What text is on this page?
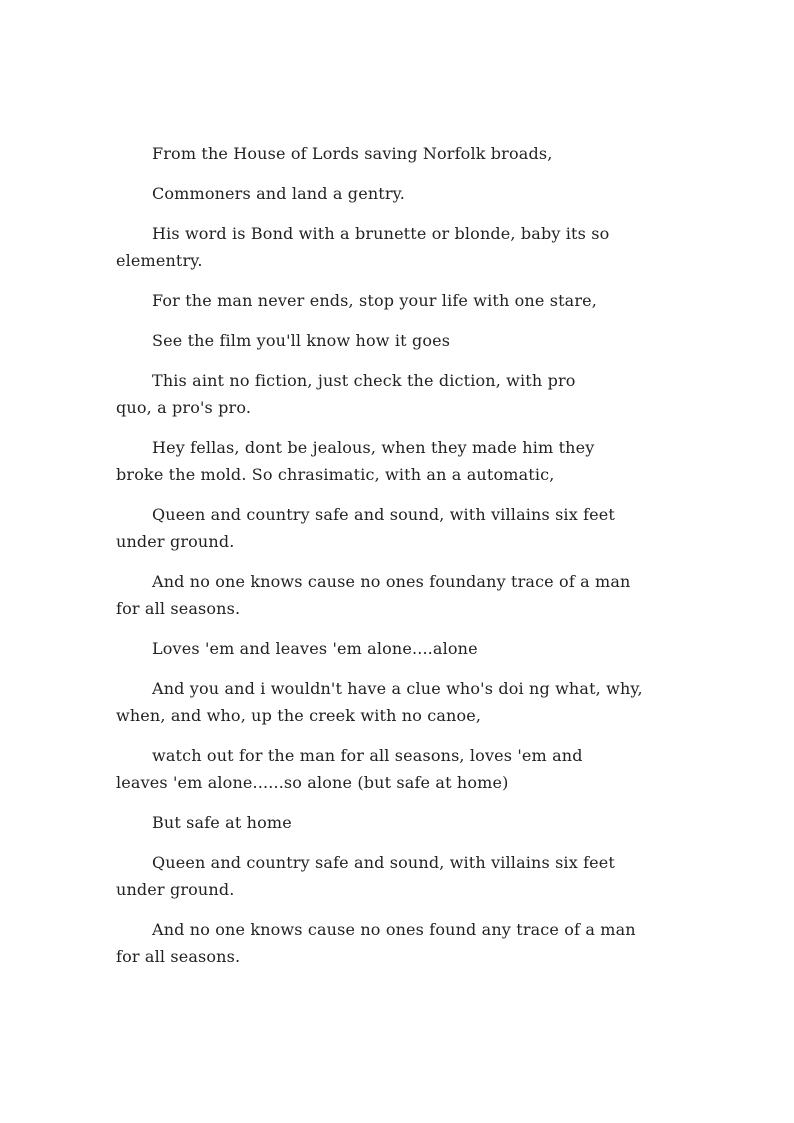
From the House of Lords saving Norfolk broads,

Commoners and land a gentry.

His word is Bond with a brunette or blonde, baby its so
elementry.

For the man never ends, stop your life with one stare,

See the film you'll know how it goes

This aint no fiction, just check the diction, with pro
quo, a pro's pro.

Hey fellas, dont be jealous, when they made him they
broke the mold. So chrasimatic, with an a automatic,

Queen and country safe and sound, with villains six feet
under ground.

And no one knows cause no ones foundany trace of a man
for all seasons.

Loves 'em and leaves 'em alone....alone

And you and i wouldn't have a clue who's doi ng what, why,
when, and who, up the creek with no canoe,

watch out for the man for all seasons, loves 'em and
leaves 'em alone......so alone (but safe at home)

But safe at home

Queen and country safe and sound, with villains six feet
under ground.

And no one knows cause no ones found any trace of a man
for all seasons.
